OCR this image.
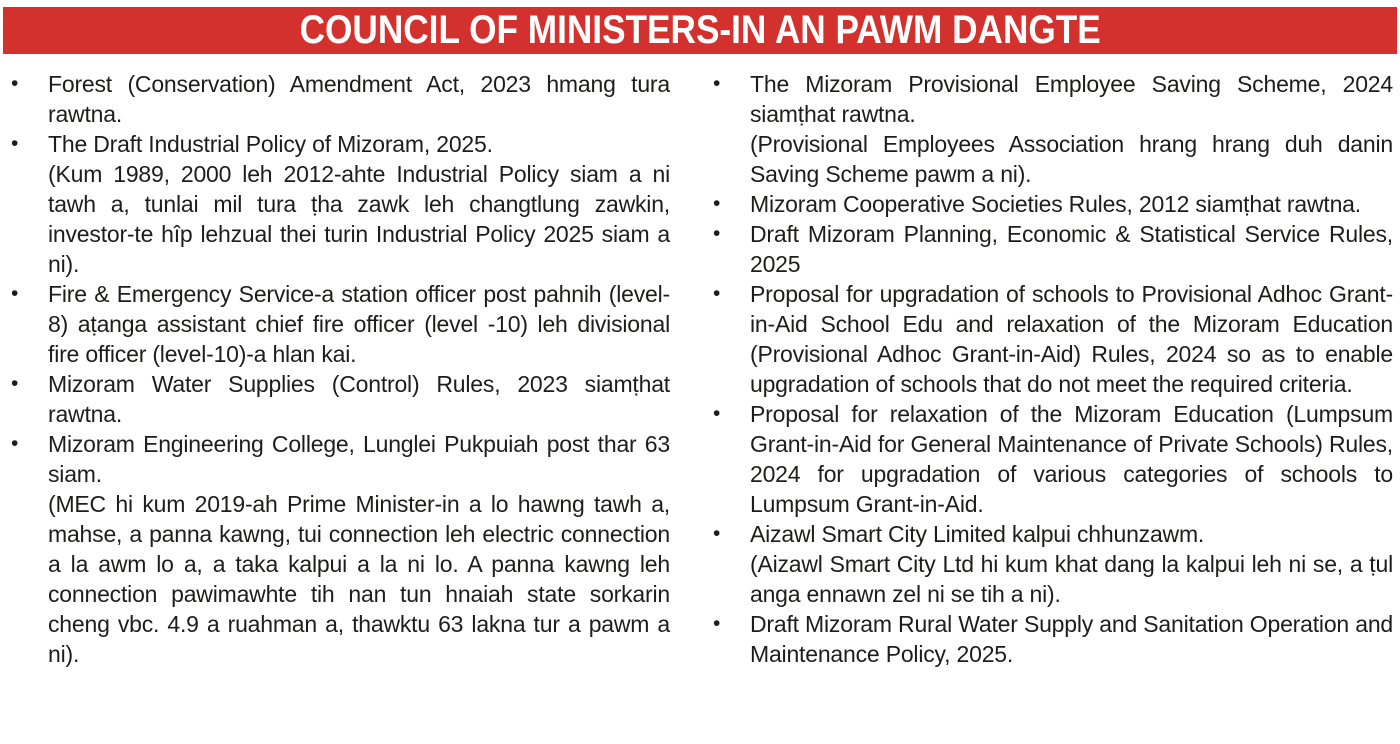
COUNCIL OF MINISTERS-IN AN PAWM DANGTE
•	Forest (Conservation) Amendment Act, 2023 hmang tura rawtna.
•	The Draft Industrial Policy of Mizoram, 2025.
(Kum 1989, 2000 leh 2012-ahte Industrial Policy siam a ni tawh a, tunlai mil tura ṭha zawk leh changtlung zawkin, investor-te hîp lehzual thei turin Industrial Policy 2025 siam a ni).
•	Fire & Emergency Service-a station officer post pahnih (level-8) aṭanga assistant chief fire officer (level -10) leh divisional fire officer (level-10)-a hlan kai.
•	Mizoram Water Supplies (Control) Rules, 2023 siamṭhat rawtna.
•	Mizoram Engineering College, Lunglei Pukpuiah post thar 63 siam.
(MEC hi kum 2019-ah Prime Minister-in a lo hawng tawh a, mahse, a panna kawng, tui connection leh electric connection a la awm lo a, a taka kalpui a la ni lo. A panna kawng leh connection pawimawhte tih nan tun hnaiah state sorkarin cheng vbc. 4.9 a ruahman a, thawktu 63 lakna tur a pawm a ni).
•	The Mizoram Provisional Employee Saving Scheme, 2024 siamṭhat rawtna.
(Provisional Employees Association hrang hrang duh danin Saving Scheme pawm a ni).
•	Mizoram Cooperative Societies Rules, 2012 siamṭhat rawtna.
•	Draft Mizoram Planning, Economic & Statistical Service Rules, 2025
•	Proposal for upgradation of schools to Provisional Adhoc Grant-in-Aid School Edu and relaxation of the Mizoram Education (Provisional Adhoc Grant-in-Aid) Rules, 2024 so as to enable upgradation of schools that do not meet the required criteria.
•	Proposal for relaxation of the Mizoram Education (Lumpsum Grant-in-Aid for General Maintenance of Private Schools) Rules, 2024 for upgradation of various categories of schools to Lumpsum Grant-in-Aid.
•	Aizawl Smart City Limited kalpui chhunzawm.
(Aizawl Smart City Ltd hi kum khat dang la kalpui leh ni se, a ṭul anga ennawn zel ni se tih a ni).
•	Draft Mizoram Rural Water Supply and Sanitation Operation and Maintenance Policy, 2025.
